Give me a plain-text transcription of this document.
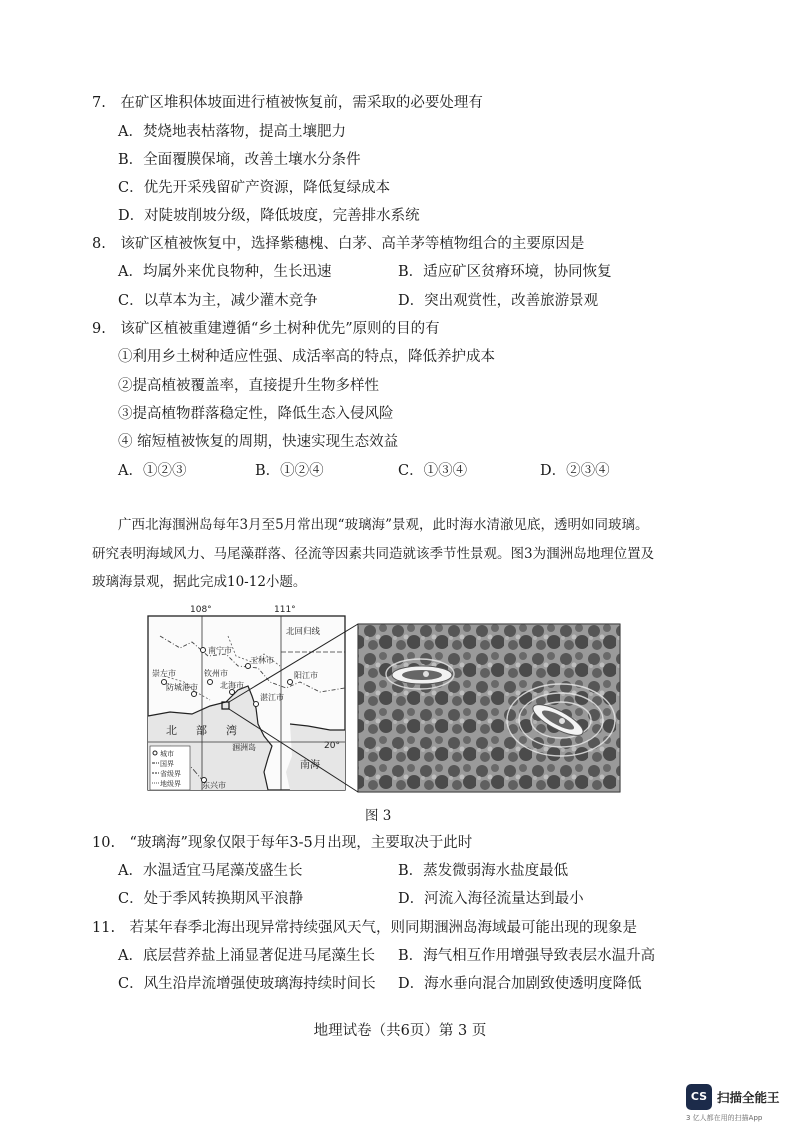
7.　在矿区堆积体坡面进行植被恢复前，需采取的必要处理有
A．焚烧地表枯落物，提高土壤肥力
B．全面覆膜保墒，改善土壤水分条件
C．优先开采残留矿产资源，降低复绿成本
D．对陡坡削坡分级，降低坡度，完善排水系统
8.　该矿区植被恢复中，选择紫穗槐、白茅、高羊茅等植物组合的主要原因是
A．均属外来优良物种，生长迅速	B．适应矿区贫瘠环境，协同恢复
C．以草本为主，减少灌木竞争	D．突出观赏性，改善旅游景观
9.　该矿区植被重建遵循“乡土树种优先”原则的目的有
①利用乡土树种适应性强、成活率高的特点，降低养护成本
②提高植被覆盖率，直接提升生物多样性
③提高植物群落稳定性，降低生态入侵风险
④ 缩短植被恢复的周期，快速实现生态效益
A．①②③	B．①②④	C．①③④	D．②③④
广西北海涠洲岛每年3月至5月常出现“玻璃海”景观，此时海水清澈见底，透明如同玻璃。
研究表明海域风力、马尾藻群落、径流等因素共同造就该季节性景观。图3为涠洲岛地理位置及
玻璃海景观，据此完成10-12小题。
108°	111°
20°
北回归线
南宁市
玉林市
崇左市	钦州市
防城港市	北海市
湛江市
阳江市
涠洲岛
东兴市
北 部 湾
南海
城市
国界
省级界
地级界
图 3
10.　“玻璃海”现象仅限于每年3-5月出现，主要取决于此时
A．水温适宜马尾藻茂盛生长	B．蒸发微弱海水盐度最低
C．处于季风转换期风平浪静	D．河流入海径流量达到最小
11.　若某年春季北海出现异常持续强风天气，则同期涠洲岛海域最可能出现的现象是
A．底层营养盐上涌显著促进马尾藻生长 B．海气相互作用增强导致表层水温升高
C．风生沿岸流增强使玻璃海持续时间长 D．海水垂向混合加剧致使透明度降低
地理试卷（共6页）第 3 页
CS 扫描全能王
3 亿人都在用的扫描App
